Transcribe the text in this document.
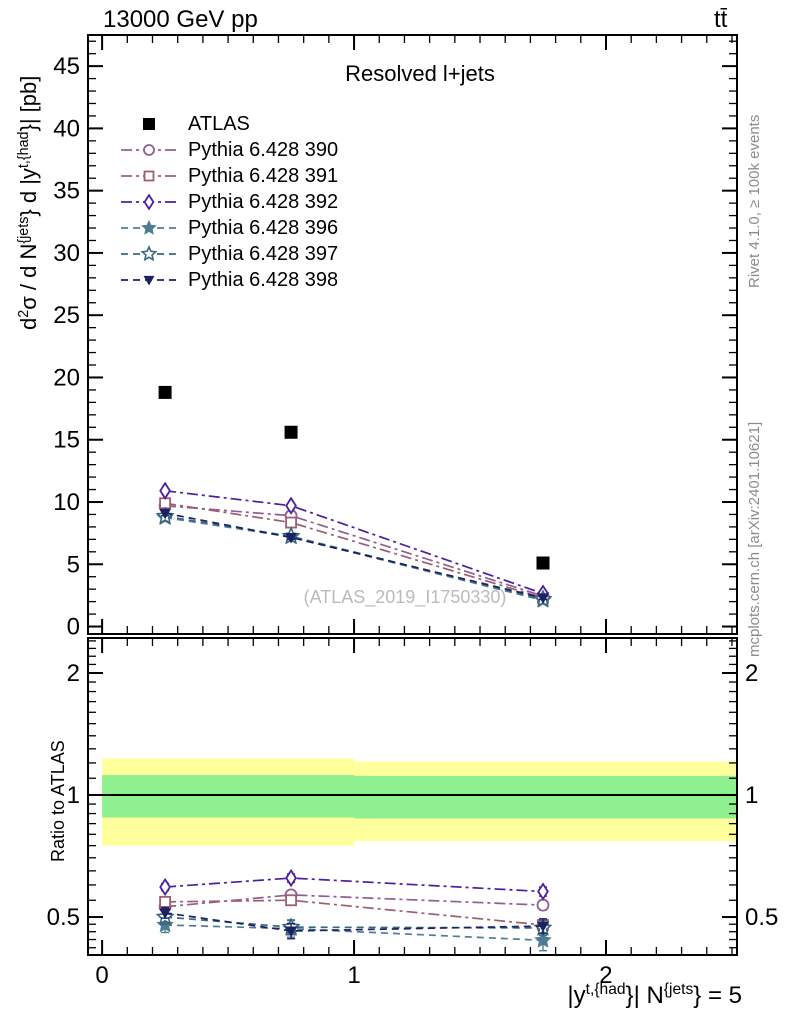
(ATLAS_2019_I1750330)
0
5
10
15
20
25
30
35
40
45
0.5	0.5
1	1
2	2
0	1	2
13000 GeV pp	tt̄
Resolved l+jets
ATLAS
Pythia 6.428 390
Pythia 6.428 391
Pythia 6.428 392
Pythia 6.428 396
Pythia 6.428 397
Pythia 6.428 398
$d^2\sigma$ / d $N^{\{jets}$} d $|y^{t,\{had}\}|$ [pb]
Ratio to ATLAS
Rivet 4.1.0, ≥ 100k events
mcplots.cern.ch [arXiv:2401.10621]
$|y^{t,\{had}\}|$ $N^{\{jets}\} = 5$
